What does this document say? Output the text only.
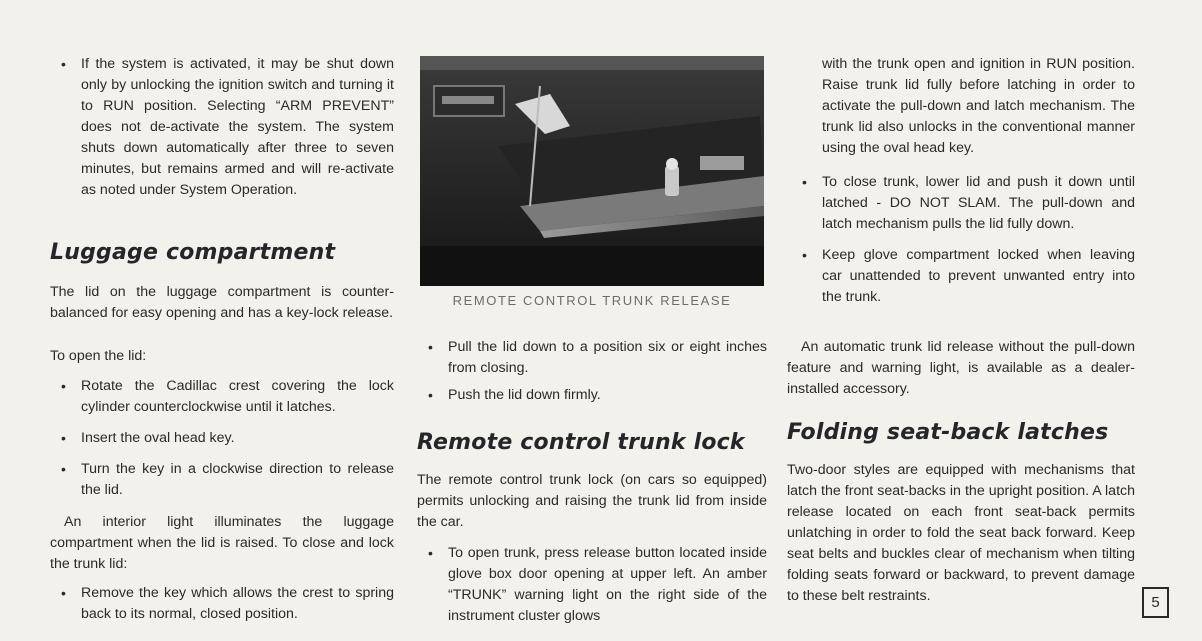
• If the system is activated, it may be shut down only by unlocking the ignition switch and turning it to RUN position. Selecting “ARM PREVENT” does not de-activate the system. The system shuts down automatically after three to seven minutes, but remains armed and will re-activate as noted under System Operation.
Luggage compartment

The lid on the luggage compartment is counter-balanced for easy opening and has a key-lock release.

To open the lid:

• Rotate the Cadillac crest covering the lock cylinder counterclockwise until it latches.
• Insert the oval head key.
• Turn the key in a clockwise direction to release the lid.

An interior light illuminates the luggage compartment when the lid is raised. To close and lock the trunk lid:

• Remove the key which allows the crest to spring back to its normal, closed position.
REMOTE CONTROL TRUNK RELEASE
• Pull the lid down to a position six or eight inches from closing.
• Push the lid down firmly.
Remote control trunk lock

The remote control trunk lock (on cars so equipped) permits unlocking and raising the trunk lid from inside the car.

• To open trunk, press release button located inside glove box door opening at upper left. An amber “TRUNK” warning light on the right side of the instrument cluster glows

with the trunk open and ignition in RUN position. Raise trunk lid fully before latching in order to activate the pull-down and latch mechanism. The trunk lid also unlocks in the conventional manner using the oval head key.

• To close trunk, lower lid and push it down until latched - DO NOT SLAM. The pull-down and latch mechanism pulls the lid fully down.
• Keep glove compartment locked when leaving car unattended to prevent unwanted entry into the trunk.

An automatic trunk lid release without the pull-down feature and warning light, is available as a dealer-installed accessory.

Folding seat-back latches

Two-door styles are equipped with mechanisms that latch the front seat-backs in the upright position. A latch release located on each front seat-back permits unlatching in order to fold the seat back forward. Keep seat belts and buckles clear of mechanism when tilting folding seats forward or backward, to prevent damage to these belt restraints.	5
